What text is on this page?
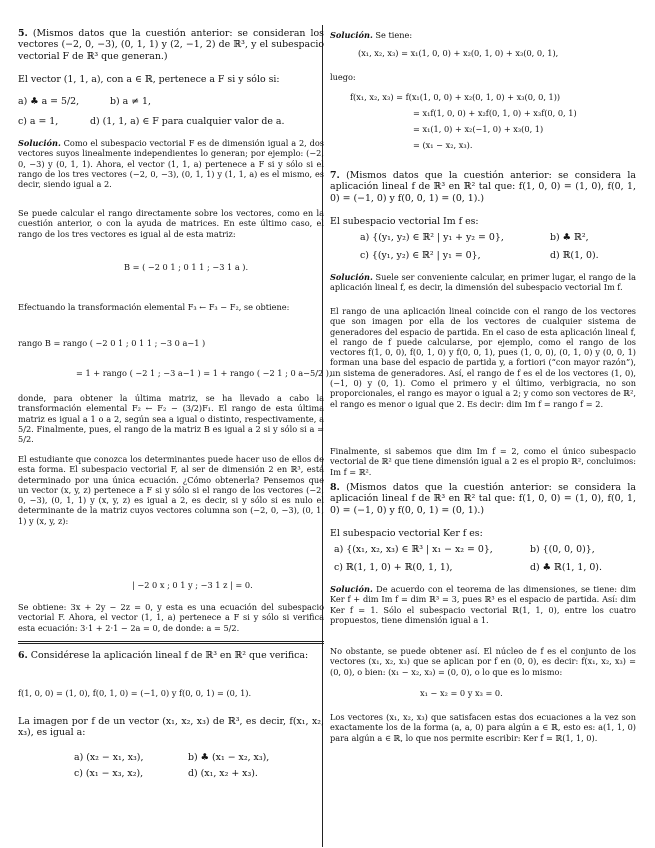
5. (Mismos datos que la cuestión anterior: se consideran los vectores (−2, 0, −3), (0, 1, 1) y (2, −1, 2) de ℝ³, y el subespacio vectorial F de ℝ³ que generan.)
El vector (1, 1, a), con a ∈ ℝ, pertenece a F si y sólo si:
a) ♣ a = 5/2,	b) a ≠ 1,
c) a = 1,	d) (1, 1, a) ∈ F para cualquier valor de a.
Solución. Como el subespacio vectorial F es de dimensión igual a 2, dos vectores suyos linealmente independientes lo generan; por ejemplo: (−2, 0, −3) y (0, 1, 1). Ahora, el vector (1, 1, a) pertenece a F si y sólo si el rango de los tres vectores (−2, 0, −3), (0, 1, 1) y (1, 1, a) es el mismo, es decir, siendo igual a 2.
Se puede calcular el rango directamente sobre los vectores, como en la cuestión anterior, o con la ayuda de matrices. En este último caso, el rango de los tres vectores es igual al de esta matriz:
B = ( −2 0 1 ; 0 1 1 ; −3 1 a ).
Efectuando la transformación elemental F₃ ← F₃ − F₂, se obtiene:
rango B = rango ( −2 0 1 ; 0 1 1 ; −3 0 a−1 )
= 1 + rango ( −2 1 ; −3 a−1 ) = 1 + rango ( −2 1 ; 0 a−5/2 ),
donde, para obtener la última matriz, se ha llevado a cabo la transformación elemental F₂ ← F₂ − (3/2)F₁. El rango de esta última matriz es igual a 1 o a 2, según sea a igual o distinto, respectivamente, a 5/2. Finalmente, pues, el rango de la matriz B es igual a 2 si y sólo si a = 5/2.
El estudiante que conozca los determinantes puede hacer uso de ellos de esta forma. El subespacio vectorial F, al ser de dimensión 2 en ℝ³, está determinado por una única ecuación. ¿Cómo obtenerla? Pensemos que un vector (x, y, z) pertenece a F si y sólo si el rango de los vectores (−2, 0, −3), (0, 1, 1) y (x, y, z) es igual a 2, es decir, si y sólo si es nulo el determinante de la matriz cuyos vectores columna son (−2, 0, −3), (0, 1, 1) y (x, y, z):
| −2 0 x ; 0 1 y ; −3 1 z | = 0.
Se obtiene: 3x + 2y − 2z = 0, y esta es una ecuación del subespacio vectorial F. Ahora, el vector (1, 1, a) pertenece a F si y sólo si verifica esta ecuación: 3·1 + 2·1 − 2a = 0, de donde: a = 5/2.
6. Considérese la aplicación lineal f de ℝ³ en ℝ² que verifica:
f(1, 0, 0) = (1, 0), f(0, 1, 0) = (−1, 0) y f(0, 0, 1) = (0, 1).
La imagen por f de un vector (x₁, x₂, x₃) de ℝ³, es decir, f(x₁, x₂, x₃), es igual a:
a) (x₂ − x₁, x₃),	b) ♣ (x₁ − x₂, x₃),
c) (x₁ − x₃, x₂),	d) (x₁, x₂ + x₃).
Solución. Se tiene:
(x₁, x₂, x₃) = x₁(1, 0, 0) + x₂(0, 1, 0) + x₃(0, 0, 1),
luego:
f(x₁, x₂, x₃) = f(x₁(1, 0, 0) + x₂(0, 1, 0) + x₃(0, 0, 1))
= x₁f(1, 0, 0) + x₂f(0, 1, 0) + x₃f(0, 0, 1)
= x₁(1, 0) + x₂(−1, 0) + x₃(0, 1)
= (x₁ − x₂, x₃).
7. (Mismos datos que la cuestión anterior: se considera la aplicación lineal f de ℝ³ en ℝ² tal que: f(1, 0, 0) = (1, 0), f(0, 1, 0) = (−1, 0) y f(0, 0, 1) = (0, 1).)
El subespacio vectorial Im f es:
a) {(y₁, y₂) ∈ ℝ² | y₁ + y₂ = 0},	b) ♣ ℝ²,
c) {(y₁, y₂) ∈ ℝ² | y₁ = 0},	d) ℝ(1, 0).
Solución. Suele ser conveniente calcular, en primer lugar, el rango de la aplicación lineal f, es decir, la dimensión del subespacio vectorial Im f.
El rango de una aplicación lineal coincide con el rango de los vectores que son imagen por ella de los vectores de cualquier sistema de generadores del espacio de partida. En el caso de esta aplicación lineal f, el rango de f puede calcularse, por ejemplo, como el rango de los vectores f(1, 0, 0), f(0, 1, 0) y f(0, 0, 1), pues (1, 0, 0), (0, 1, 0) y (0, 0, 1) forman una base del espacio de partida y, a fortiori (“con mayor razón”), un sistema de generadores. Así, el rango de f es el de los vectores (1, 0), (−1, 0) y (0, 1). Como el primero y el último, verbigracia, no son proporcionales, el rango es mayor o igual a 2; y como son vectores de ℝ², el rango es menor o igual que 2. Es decir: dim Im f = rango f = 2.
Finalmente, si sabemos que dim Im f = 2, como el único subespacio vectorial de ℝ² que tiene dimensión igual a 2 es el propio ℝ², concluimos: Im f = ℝ².
8. (Mismos datos que la cuestión anterior: se considera la aplicación lineal f de ℝ³ en ℝ² tal que: f(1, 0, 0) = (1, 0), f(0, 1, 0) = (−1, 0) y f(0, 0, 1) = (0, 1).)
El subespacio vectorial Ker f es:
a) {(x₁, x₂, x₃) ∈ ℝ³ | x₁ − x₂ = 0},	b) {(0, 0, 0)},
c) ℝ(1, 1, 0) + ℝ(0, 1, 1),	d) ♣ ℝ(1, 1, 0).
Solución. De acuerdo con el teorema de las dimensiones, se tiene: dim Ker f + dim Im f = dim ℝ³ = 3, pues ℝ³ es el espacio de partida. Así: dim Ker f = 1. Sólo el subespacio vectorial ℝ(1, 1, 0), entre los cuatro propuestos, tiene dimensión igual a 1.
No obstante, se puede obtener así. El núcleo de f es el conjunto de los vectores (x₁, x₂, x₃) que se aplican por f en (0, 0), es decir: f(x₁, x₂, x₃) = (0, 0), o bien: (x₁ − x₂, x₃) = (0, 0), o lo que es lo mismo:
x₁ − x₂ = 0 y x₃ = 0.
Los vectores (x₁, x₂, x₃) que satisfacen estas dos ecuaciones a la vez son exactamente los de la forma (a, a, 0) para algún a ∈ ℝ, esto es: a(1, 1, 0) para algún a ∈ ℝ, lo que nos permite escribir: Ker f = ℝ(1, 1, 0).
